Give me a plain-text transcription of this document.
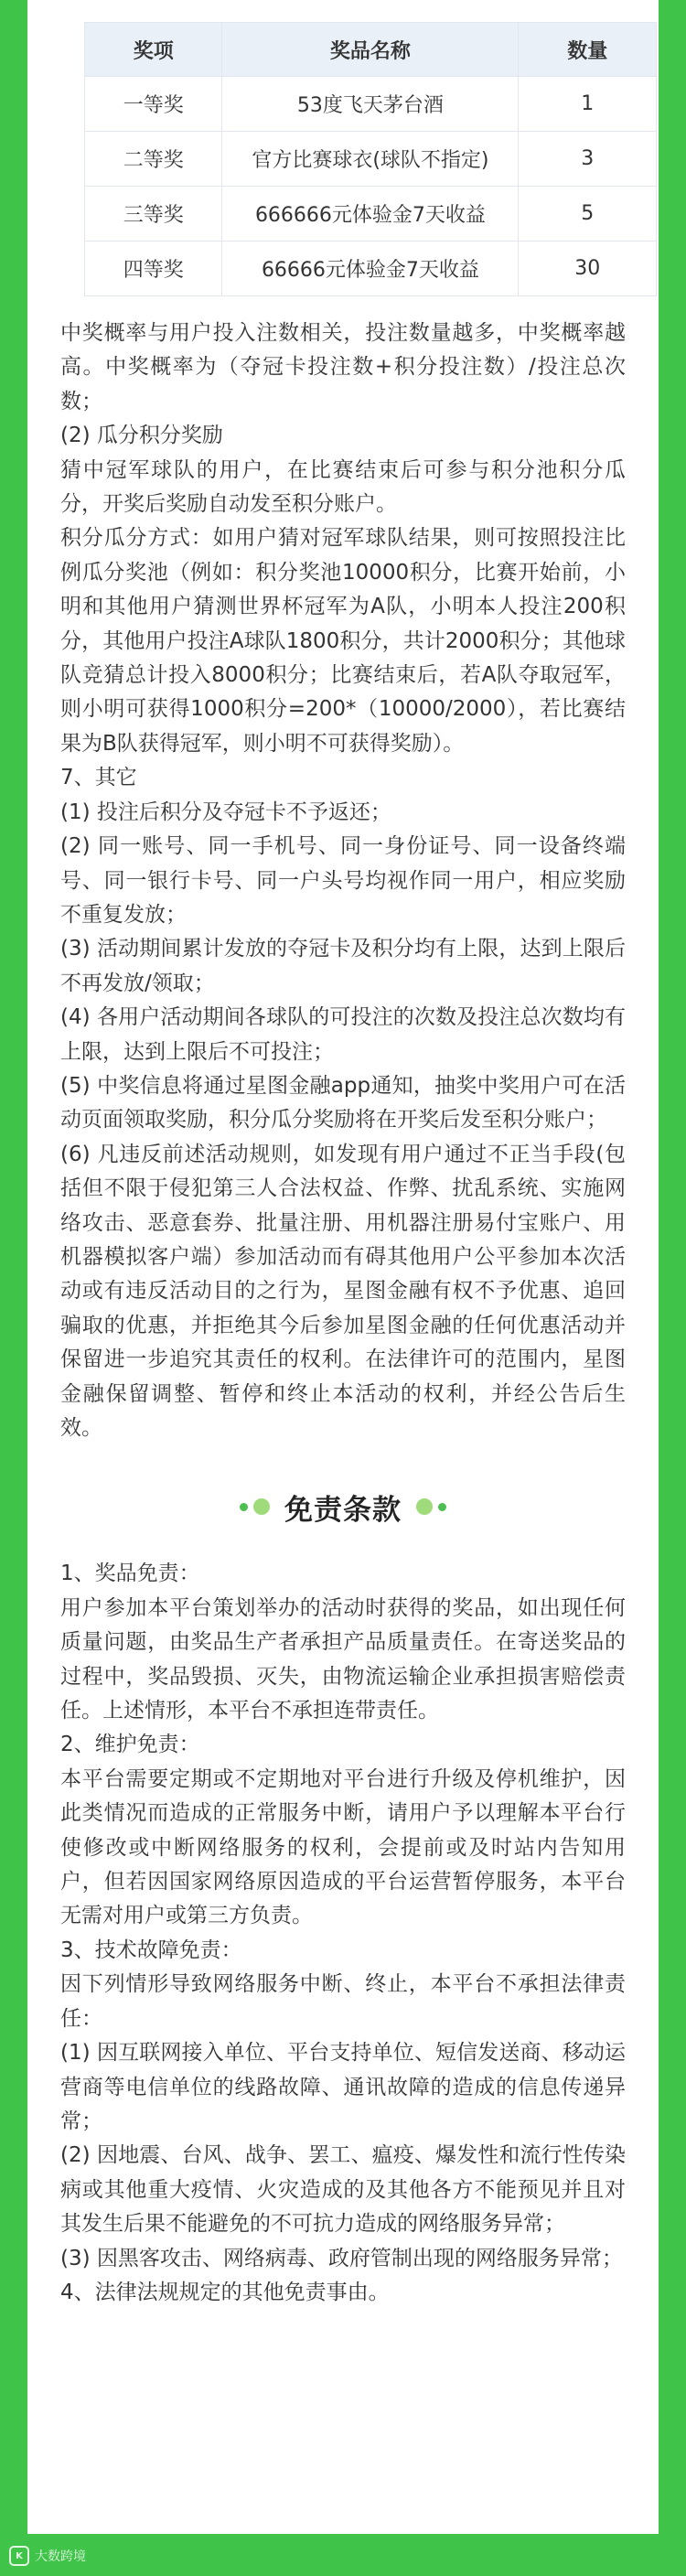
奖项	奖品名称	数量
一等奖	53度飞天茅台酒	1
二等奖	官方比赛球衣(球队不指定)	3
三等奖	666666元体验金7天收益	5
四等奖	66666元体验金7天收益	30

中奖概率与用户投入注数相关，投注数量越多，中奖概率越高。中奖概率为（夺冠卡投注数+积分投注数）/投注总次数；

(2) 瓜分积分奖励

猜中冠军球队的用户，在比赛结束后可参与积分池积分瓜分，开奖后奖励自动发至积分账户。

积分瓜分方式：如用户猜对冠军球队结果，则可按照投注比例瓜分奖池（例如：积分奖池10000积分，比赛开始前，小明和其他用户猜测世界杯冠军为A队，小明本人投注200积分，其他用户投注A球队1800积分，共计2000积分；其他球队竞猜总计投入8000积分；比赛结束后，若A队夺取冠军，则小明可获得1000积分=200*（10000/2000），若比赛结果为B队获得冠军，则小明不可获得奖励）。

7、其它

(1) 投注后积分及夺冠卡不予返还；

(2) 同一账号、同一手机号、同一身份证号、同一设备终端号、同一银行卡号、同一户头号均视作同一用户，相应奖励不重复发放；

(3) 活动期间累计发放的夺冠卡及积分均有上限，达到上限后不再发放/领取；

(4) 各用户活动期间各球队的可投注的次数及投注总次数均有上限，达到上限后不可投注；

(5) 中奖信息将通过星图金融app通知，抽奖中奖用户可在活动页面领取奖励，积分瓜分奖励将在开奖后发至积分账户；

(6) 凡违反前述活动规则，如发现有用户通过不正当手段(包括但不限于侵犯第三人合法权益、作弊、扰乱系统、实施网络攻击、恶意套券、批量注册、用机器注册易付宝账户、用机器模拟客户端）参加活动而有碍其他用户公平参加本次活动或有违反活动目的之行为，星图金融有权不予优惠、追回骗取的优惠，并拒绝其今后参加星图金融的任何优惠活动并保留进一步追究其责任的权利。在法律许可的范围内，星图金融保留调整、暂停和终止本活动的权利，并经公告后生效。

免责条款

1、奖品免责：

用户参加本平台策划举办的活动时获得的奖品，如出现任何质量问题，由奖品生产者承担产品质量责任。在寄送奖品的过程中，奖品毁损、灭失，由物流运输企业承担损害赔偿责任。上述情形，本平台不承担连带责任。

2、维护免责：

本平台需要定期或不定期地对平台进行升级及停机维护，因此类情况而造成的正常服务中断，请用户予以理解本平台行使修改或中断网络服务的权利，会提前或及时站内告知用户，但若因国家网络原因造成的平台运营暂停服务，本平台无需对用户或第三方负责。

3、技术故障免责：

因下列情形导致网络服务中断、终止，本平台不承担法律责任：

(1) 因互联网接入单位、平台支持单位、短信发送商、移动运营商等电信单位的线路故障、通讯故障的造成的信息传递异常；

(2) 因地震、台风、战争、罢工、瘟疫、爆发性和流行性传染病或其他重大疫情、火灾造成的及其他各方不能预见并且对其发生后果不能避免的不可抗力造成的网络服务异常；

(3) 因黑客攻击、网络病毒、政府管制出现的网络服务异常；

4、法律法规规定的其他免责事由。

K 大数跨境
